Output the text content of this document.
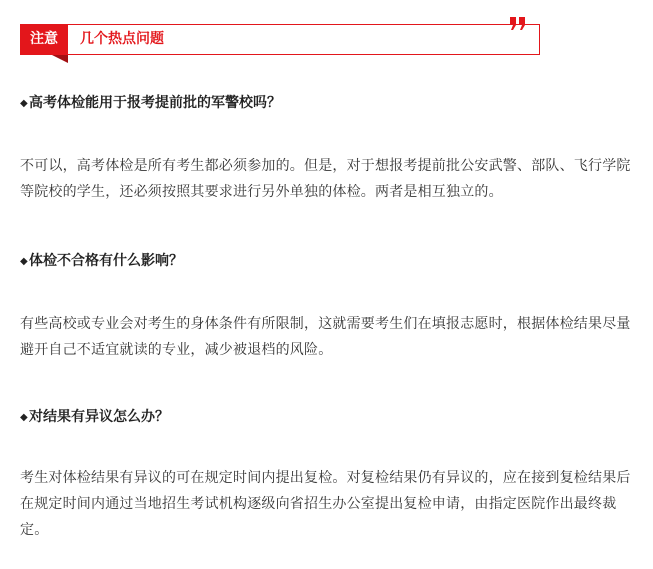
注意	几个热点问题

◆高考体检能用于报考提前批的军警校吗？

不可以，高考体检是所有考生都必须参加的。但是，对于想报考提前批公安武警、部队、飞行学院等院校的学生，还必须按照其要求进行另外单独的体检。两者是相互独立的。

◆体检不合格有什么影响？

有些高校或专业会对考生的身体条件有所限制，这就需要考生们在填报志愿时，根据体检结果尽量避开自己不适宜就读的专业，减少被退档的风险。

◆对结果有异议怎么办？

考生对体检结果有异议的可在规定时间内提出复检。对复检结果仍有异议的，应在接到复检结果后在规定时间内通过当地招生考试机构逐级向省招生办公室提出复检申请，由指定医院作出最终裁定。
